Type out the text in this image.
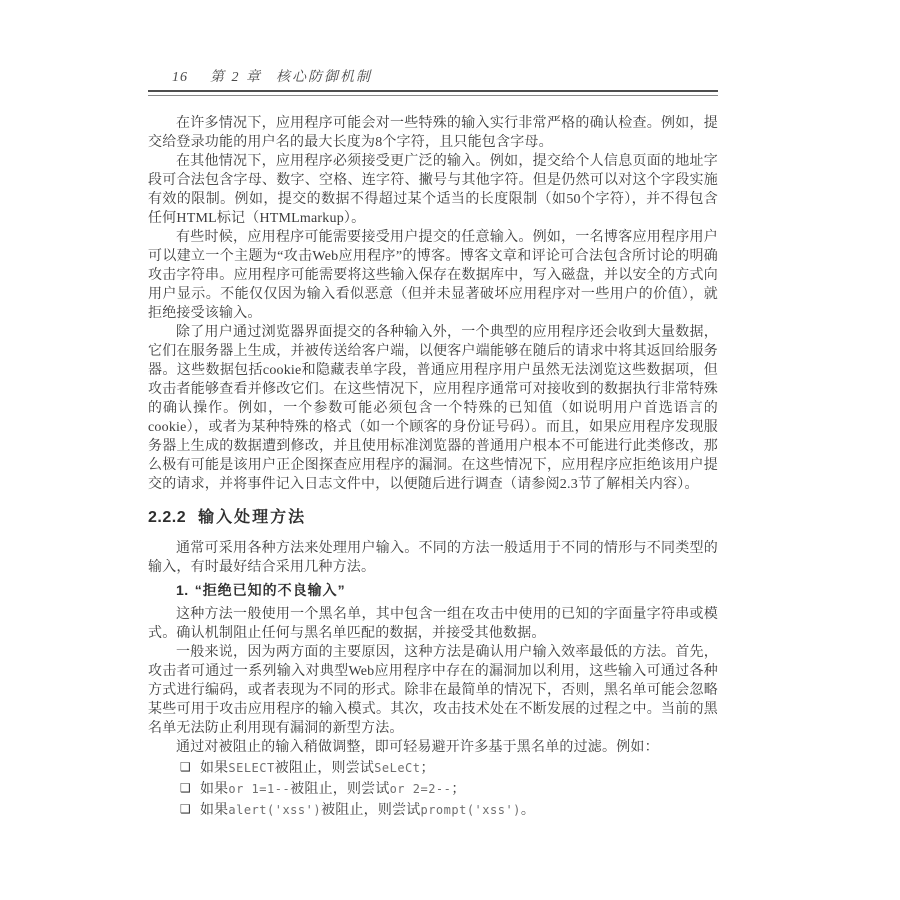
16 第 2 章 核心防御机制

在许多情况下，应用程序可能会对一些特殊的输入实行非常严格的确认检查。例如，提交给登录功能的用户名的最大长度为8个字符，且只能包含字母。

在其他情况下，应用程序必须接受更广泛的输入。例如，提交给个人信息页面的地址字段可合法包含字母、数字、空格、连字符、撇号与其他字符。但是仍然可以对这个字段实施有效的限制。例如，提交的数据不得超过某个适当的长度限制（如50个字符），并不得包含任何HTML标记（HTMLmarkup）。

有些时候，应用程序可能需要接受用户提交的任意输入。例如，一名博客应用程序用户可以建立一个主题为“攻击Web应用程序”的博客。博客文章和评论可合法包含所讨论的明确攻击字符串。应用程序可能需要将这些输入保存在数据库中，写入磁盘，并以安全的方式向用户显示。不能仅仅因为输入看似恶意（但并未显著破坏应用程序对一些用户的价值），就拒绝接受该输入。

除了用户通过浏览器界面提交的各种输入外，一个典型的应用程序还会收到大量数据，它们在服务器上生成，并被传送给客户端，以便客户端能够在随后的请求中将其返回给服务器。这些数据包括cookie和隐藏表单字段，普通应用程序用户虽然无法浏览这些数据项，但攻击者能够查看并修改它们。在这些情况下，应用程序通常可对接收到的数据执行非常特殊的确认操作。例如，一个参数可能必须包含一个特殊的已知值（如说明用户首选语言的cookie），或者为某种特殊的格式（如一个顾客的身份证号码）。而且，如果应用程序发现服务器上生成的数据遭到修改，并且使用标准浏览器的普通用户根本不可能进行此类修改，那么极有可能是该用户正企图探查应用程序的漏洞。在这些情况下，应用程序应拒绝该用户提交的请求，并将事件记入日志文件中，以便随后进行调查（请参阅2.3节了解相关内容）。

2.2.2 输入处理方法

通常可采用各种方法来处理用户输入。不同的方法一般适用于不同的情形与不同类型的输入，有时最好结合采用几种方法。

1. “拒绝已知的不良输入”

这种方法一般使用一个黑名单，其中包含一组在攻击中使用的已知的字面量字符串或模式。确认机制阻止任何与黑名单匹配的数据，并接受其他数据。

一般来说，因为两方面的主要原因，这种方法是确认用户输入效率最低的方法。首先，攻击者可通过一系列输入对典型Web应用程序中存在的漏洞加以利用，这些输入可通过各种方式进行编码，或者表现为不同的形式。除非在最简单的情况下，否则，黑名单可能会忽略某些可用于攻击应用程序的输入模式。其次，攻击技术处在不断发展的过程之中。当前的黑名单无法防止利用现有漏洞的新型方法。

通过对被阻止的输入稍做调整，即可轻易避开许多基于黑名单的过滤。例如：

❑ 如果SELECT被阻止，则尝试SeLeCt；
❑ 如果or 1=1--被阻止，则尝试or 2=2--；
❑ 如果alert('xss')被阻止，则尝试prompt('xss')。
